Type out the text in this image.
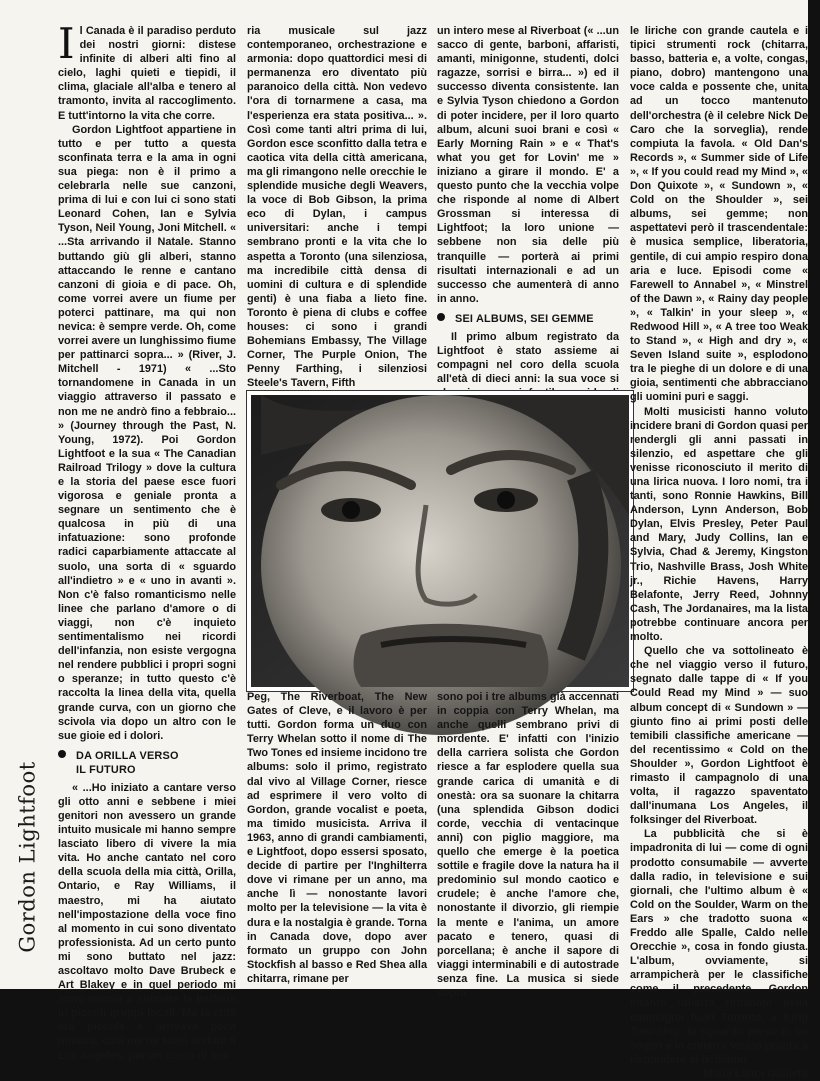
Gordon Lightfoot

Il Canada è il paradiso perduto dei nostri giorni: distese infinite di alberi alti fino al cielo, laghi quieti e tiepidi, il clima, glaciale all'alba e tenero al tramonto, invita al raccoglimento. E tutt'intorno la vita che corre.

Gordon Lightfoot appartiene in tutto e per tutto a questa sconfinata terra e la ama in ogni sua piega: non è il primo a celebrarla nelle sue canzoni, prima di lui e con lui ci sono stati Leonard Cohen, Ian e Sylvia Tyson, Neil Young, Joni Mitchell. « ...Sta arrivando il Natale. Stanno buttando giù gli alberi, stanno attaccando le renne e cantano canzoni di gioia e di pace. Oh, come vorrei avere un fiume per poterci pattinare, ma qui non nevica: è sempre verde. Oh, come vorrei avere un lunghissimo fiume per pattinarci sopra... » (River, J. Mitchell - 1971) « ...Sto tornandomene in Canada in un viaggio attraverso il passato e non me ne andrò fino a febbraio... » (Journey through the Past, N. Young, 1972). Poi Gordon Lightfoot e la sua « The Canadian Railroad Trilogy » dove la cultura e la storia del paese esce fuori vigorosa e geniale pronta a segnare un sentimento che è qualcosa in più di una infatuazione: sono profonde radici caparbiamente attaccate al suolo, una sorta di « sguardo all'indietro » e « uno in avanti ». Non c'è falso romanticismo nelle linee che parlano d'amore o di viaggi, non c'è inquieto sentimentalismo nei ricordi dell'infanzia, non esiste vergogna nel rendere pubblici i propri sogni o speranze; in tutto questo c'è raccolta la linea della vita, quella grande curva, con un giorno che scivola via dopo un altro con le sue gioie ed i dolori.

DA ORILLA VERSO
IL FUTURO

« ...Ho iniziato a cantare verso gli otto anni e sebbene i miei genitori non avessero un grande intuito musicale mi hanno sempre lasciato libero di vivere la mia vita. Ho anche cantato nel coro della scuola della mia città, Orilla, Ontario, e Ray Williams, il maestro, mi ha aiutato nell'impostazione della voce fino al momento in cui sono diventato professionista. Ad un certo punto mi sono buttato nel jazz: ascoltavo molto Dave Brubeck e Art Blakey e in quel periodo mi sono messo a suonare la batteria in piccoli gruppi locali. Ma la città era piccola e arrivava poca musica, così me ne sono andato a Los Angeles, per un corso di teo-

ria musicale sul jazz contemporaneo, orchestrazione e armonia: dopo quattordici mesi di permanenza ero diventato più paranoico della città. Non vedevo l'ora di tornarmene a casa, ma l'esperienza era stata positiva... ». Così come tanti altri prima di lui, Gordon esce sconfitto dalla tetra e caotica vita della città americana, ma gli rimangono nelle orecchie le splendide musiche degli Weavers, la voce di Bob Gibson, la prima eco di Dylan, i campus universitari: anche i tempi sembrano pronti e la vita che lo aspetta a Toronto (una silenziosa, ma incredibile città densa di uomini di cultura e di splendide genti) è una fiaba a lieto fine. Toronto è piena di clubs e coffee houses: ci sono i grandi Bohemians Embassy, The Village Corner, The Purple Onion, The Penny Farthing, i silenziosi Steele's Tavern, Fifth

un intero mese al Riverboat (« ...un sacco di gente, barboni, affaristi, amanti, minigonne, studenti, dolci ragazze, sorrisi e birra... ») ed il successo diventa consistente. Ian e Sylvia Tyson chiedono a Gordon di poter incidere, per il loro quarto album, alcuni suoi brani e così « Early Morning Rain » e « That's what you get for Lovin' me » iniziano a girare il mondo. E' a questo punto che la vecchia volpe che risponde al nome di Albert Grossman si interessa di Lightfoot; la loro unione — sebbene non sia delle più tranquille — porterà ai primi risultati internazionali e ad un successo che aumenterà di anno in anno.

SEI ALBUMS, SEI GEMME

Il primo album registrato da Lightfoot è stato assieme ai compagni nel coro della scuola all'età di dieci anni: la sua voce si

Peg, The Riverboat, The New Gates of Cleve, e il lavoro è per tutti. Gordon forma un duo con Terry Whelan sotto il nome di The Two Tones ed insieme incidono tre albums: solo il primo, registrato dal vivo al Village Corner, riesce ad esprimere il vero volto di Gordon, grande vocalist e poeta, ma timido musicista. Arriva il 1963, anno di grandi cambiamenti, e Lightfoot, dopo essersi sposato, decide di partire per l'Inghilterra dove vi rimane per un anno, ma anche lì — nonostante lavori molto per la televisione — la vita è dura e la nostalgia è grande. Torna in Canada dove, dopo aver formato un gruppo con John Stockfish al basso e Red Shea alla chitarra, rimane per

sono poi i tre albums già accennati in coppia con Terry Whelan, ma anche quelli sembrano privi di mordente. E' infatti con l'inizio della carriera solista che Gordon riesce a far esplodere quella sua grande carica di umanità e di onestà: ora sa suonare la chitarra (una splendida Gibson dodici corde, vecchia di ventacinque anni) con piglio maggiore, ma quello che emerge è la poetica sottile e fragile dove la natura ha il predominio sul mondo caotico e crudele; è anche l'amore che, nonostante il divorzio, gli riempie la mente e l'anima, un amore pacato e tenero, quasi di porcellana; è anche il sapore di viaggi interminabili e di autostrade senza fine. La musica si siede sopra

le liriche con grande cautela e i tipici strumenti rock (chitarra, basso, batteria e, a volte, congas, piano, dobro) mantengono una voce calda e possente che, unita ad un tocco mantenuto dell'orchestra (è il celebre Nick De Caro che la sorveglia), rende compiuta la favola. « Old Dan's Records », « Summer side of Life », « If you could read my Mind », « Don Quixote », « Sundown », « Cold on the Shoulder », sei albums, sei gemme; non aspettatevi però il trascendentale: è musica semplice, liberatoria, gentile, di cui ampio respiro dona aria e luce. Episodi come « Farewell to Annabel », « Minstrel of the Dawn », « Rainy day people », « Talkin' in your sleep », « Redwood Hill », « A tree too Weak to Stand », « High and dry », « Seven Island suite », esplodono tra le pieghe di un dolore e di una gioia, sentimenti che abbracciano gli uomini puri e saggi.

Molti musicisti hanno voluto incidere brani di Gordon quasi per rendergli gli anni passati in silenzio, ed aspettare che gli venisse riconosciuto il merito di una lirica nuova. I loro nomi, tra i tanti, sono Ronnie Hawkins, Bill Anderson, Lynn Anderson, Bob Dylan, Elvis Presley, Peter Paul and Mary, Judy Collins, Ian e Sylvia, Chad & Jeremy, Kingston Trio, Nashville Brass, Josh White jr., Richie Havens, Harry Belafonte, Jerry Reed, Johnny Cash, The Jordanaires, ma la lista potrebbe continuare ancora per molto.

Quello che va sottolineato è che nel viaggio verso il futuro, segnato dalle tappe di « If you Could Read my Mind » — suo album concept di « Sundown » — giunto fino ai primi posti delle temibili classifiche americane — del recentissimo « Cold on the Shoulder », Gordon Lightfoot è rimasto il campagnolo di una volta, il ragazzo spaventato dall'inumana Los Angeles, il folksinger del Riverboat.

La pubblicità che si è impadronita di lui — come di ogni prodotto consumabile — avverte dalla radio, in televisione e sui giornali, che l'ultimo album è « Cold on the Soulder, Warm on the Ears » che tradotto suona « Freddo alle Spalle, Caldo nelle Orecchie », cosa in fondo giusta. L'album, ovviamente, si arrampicherà per le classifiche come il precedente, Gordon intanto rimarrà rintanato nella campagna fuori Toronto, a King Township, lo sguardo perso in un sogno e la chitarra vicino pronta a rispondere al richiamo.

Maria Laura Giulietti
